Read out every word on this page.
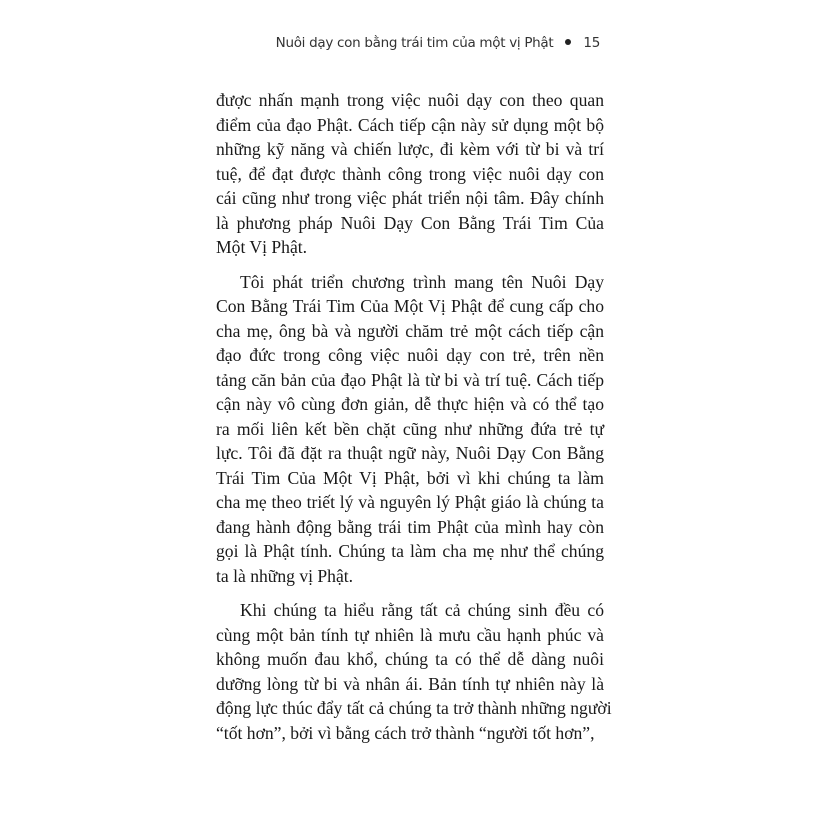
Nuôi dạy con bằng trái tim của một vị Phật 15
được nhấn mạnh trong việc nuôi dạy con theo quan
điểm của đạo Phật. Cách tiếp cận này sử dụng một bộ
những kỹ năng và chiến lược, đi kèm với từ bi và trí
tuệ, để đạt được thành công trong việc nuôi dạy con
cái cũng như trong việc phát triển nội tâm. Đây chính
là phương pháp Nuôi Dạy Con Bằng Trái Tim Của
Một Vị Phật.
Tôi phát triển chương trình mang tên Nuôi Dạy
Con Bằng Trái Tim Của Một Vị Phật để cung cấp cho
cha mẹ, ông bà và người chăm trẻ một cách tiếp cận
đạo đức trong công việc nuôi dạy con trẻ, trên nền
tảng căn bản của đạo Phật là từ bi và trí tuệ. Cách tiếp
cận này vô cùng đơn giản, dễ thực hiện và có thể tạo
ra mối liên kết bền chặt cũng như những đứa trẻ tự
lực. Tôi đã đặt ra thuật ngữ này, Nuôi Dạy Con Bằng
Trái Tim Của Một Vị Phật, bởi vì khi chúng ta làm
cha mẹ theo triết lý và nguyên lý Phật giáo là chúng ta
đang hành động bằng trái tim Phật của mình hay còn
gọi là Phật tính. Chúng ta làm cha mẹ như thể chúng
ta là những vị Phật.
Khi chúng ta hiểu rằng tất cả chúng sinh đều có
cùng một bản tính tự nhiên là mưu cầu hạnh phúc và
không muốn đau khổ, chúng ta có thể dễ dàng nuôi
dưỡng lòng từ bi và nhân ái. Bản tính tự nhiên này là
động lực thúc đẩy tất cả chúng ta trở thành những người
“tốt hơn”, bởi vì bằng cách trở thành “người tốt hơn”,
